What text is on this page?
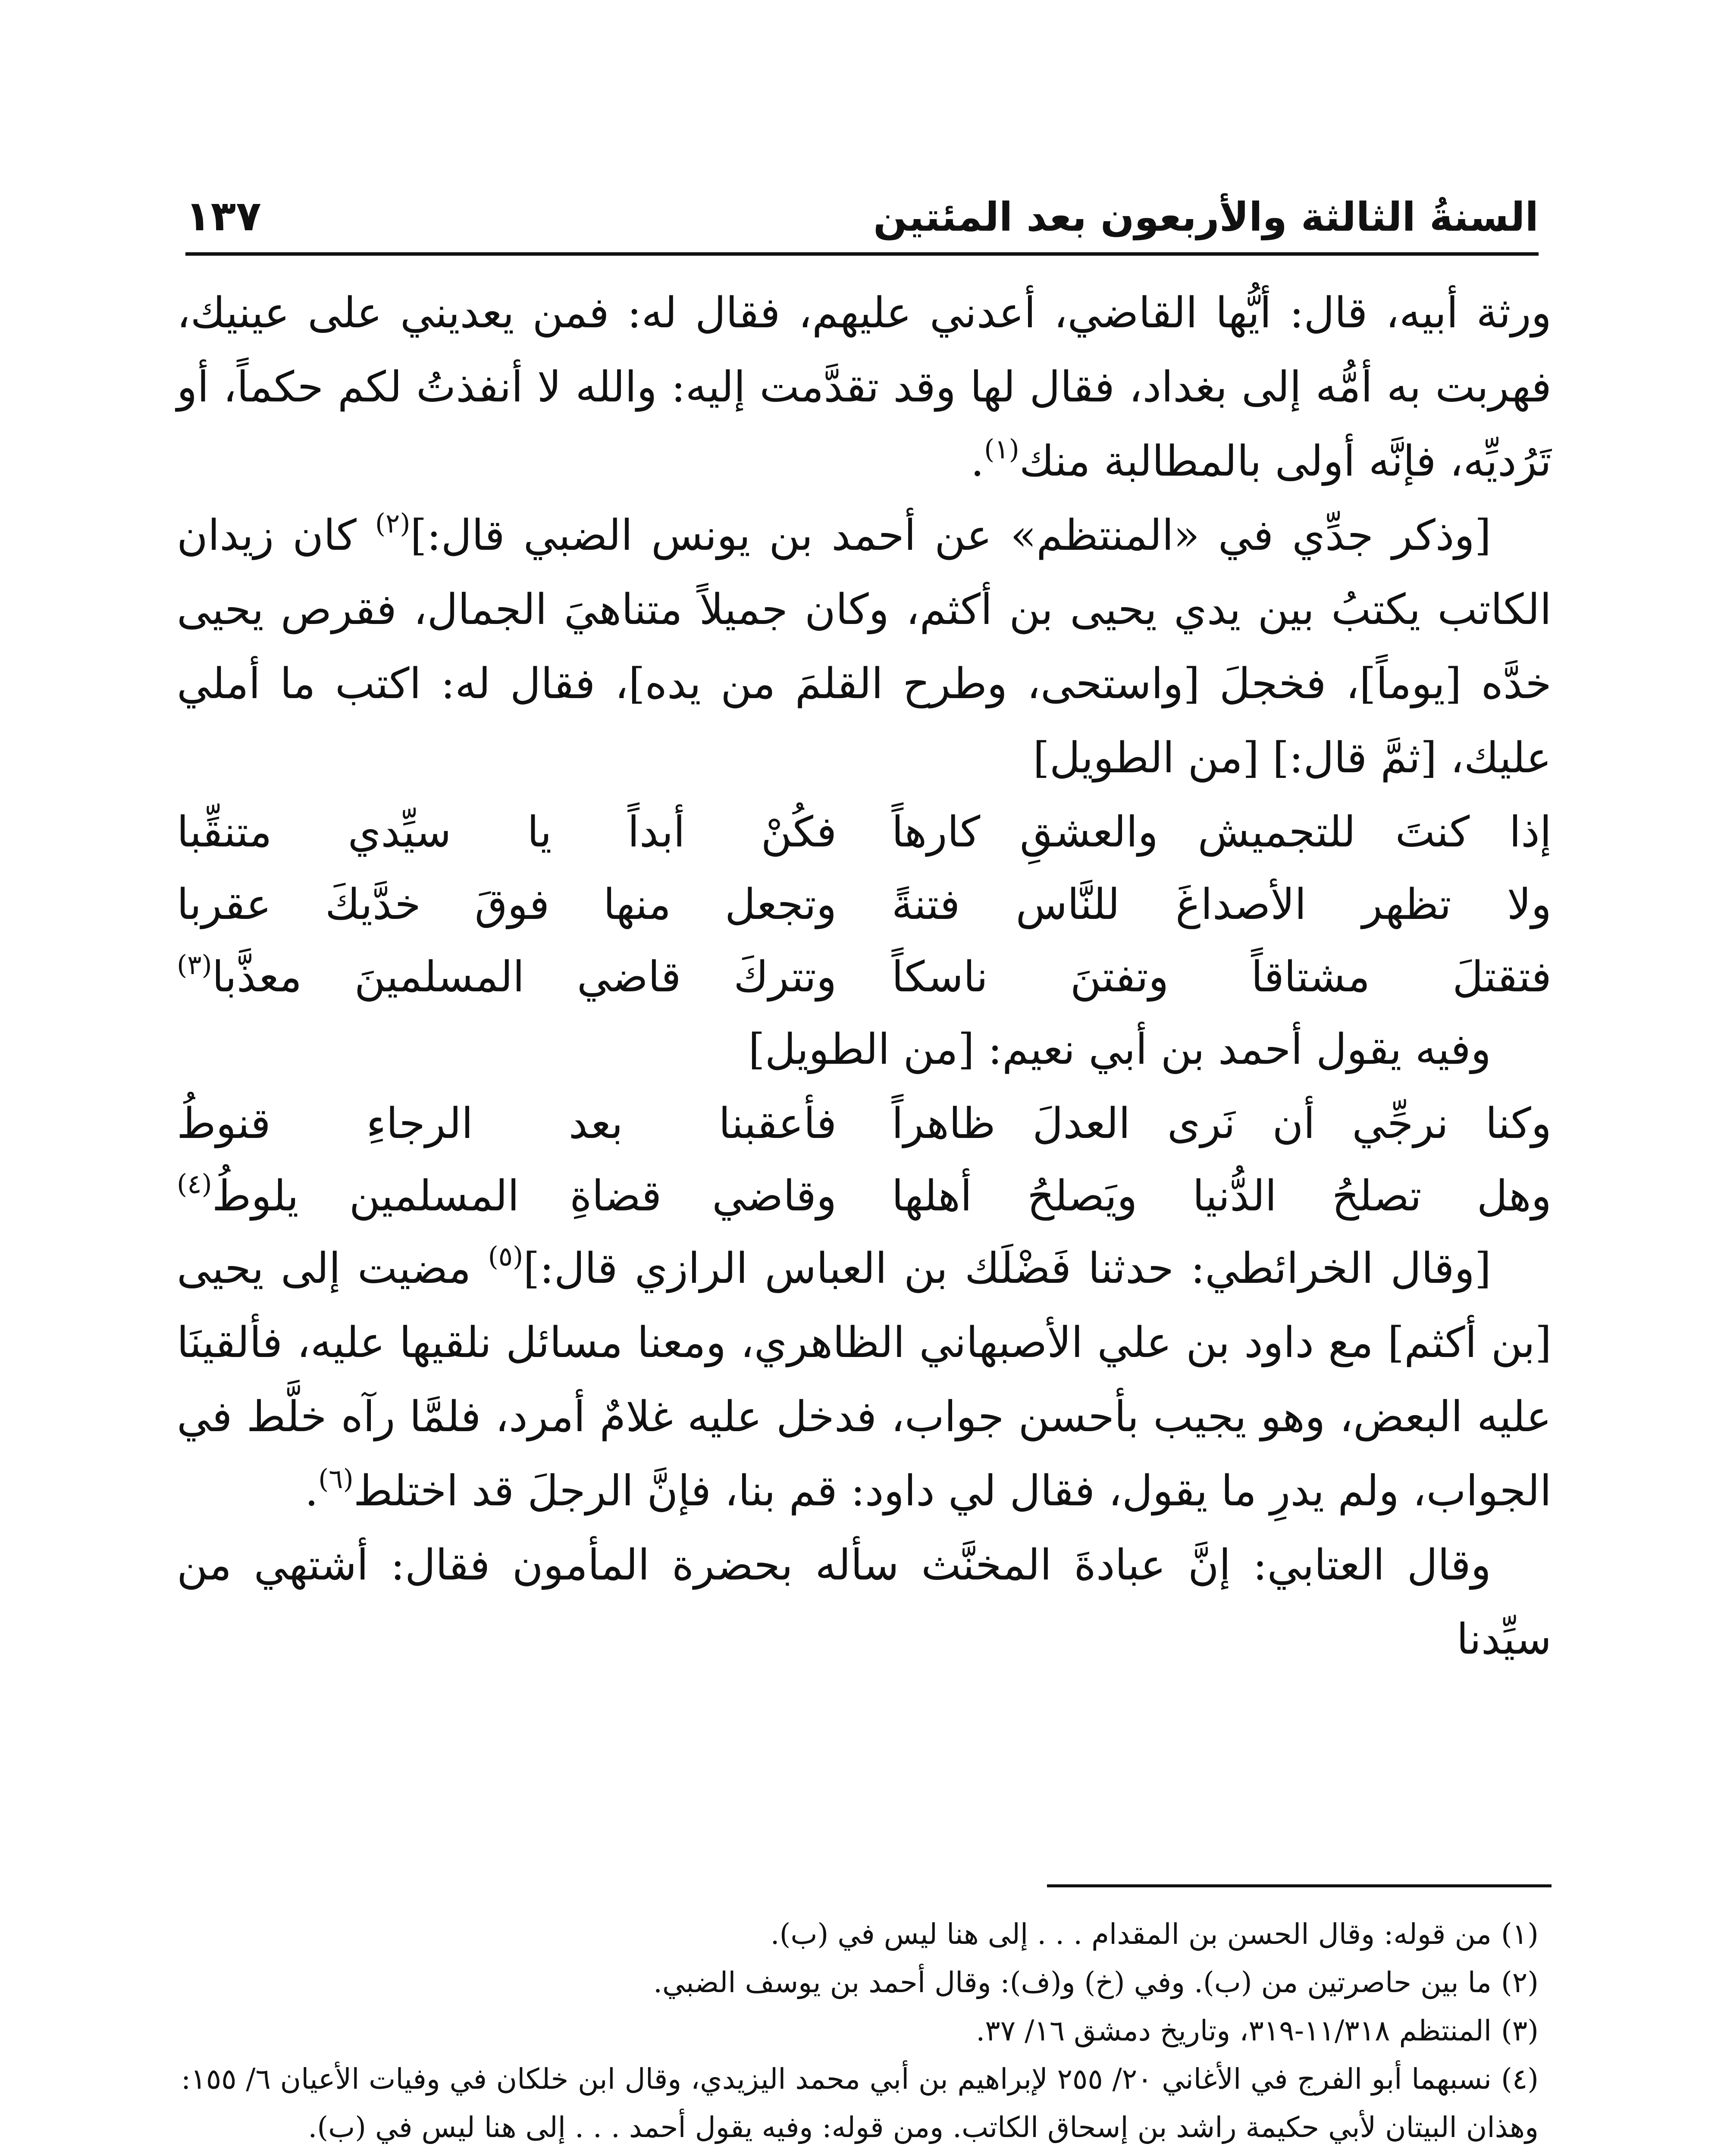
السنةُ الثالثة والأربعون بعد المئتين
١٣٧

ورثة أبيه، قال: أيُّها القاضي، أعدني عليهم، فقال له: فمن يعديني على عينيك، فهربت به أمُّه إلى بغداد، فقال لها وقد تقدَّمت إليه: والله لا أنفذتُ لكم حكماً، أو تَرُديِّه، فإنَّه أولى بالمطالبة منك$^{(١)}$.

[وذكر جدِّي في «المنتظم» عن أحمد بن يونس الضبي قال:]$^{(٢)}$ كان زيدان الكاتب يكتبُ بين يدي يحيى بن أكثم، وكان جميلاً متناهيَ الجمال، فقرص يحيى خدَّه [يوماً]، فخجلَ [واستحى، وطرح القلمَ من يده]، فقال له: اكتب ما أملي عليك، [ثمَّ قال:] [من الطويل]

إذا كنتَ للتجميش والعشقِ كارهاً
فكُنْ أبداً يا سيِّدي متنقِّبا
ولا تظهر الأصداغَ للنَّاس فتنةً
وتجعل منها فوقَ خدَّيكَ عقربا
فتقتلَ مشتاقاً وتفتنَ ناسكاً
وتتركَ قاضي المسلمينَ معذَّبا$^{(٣)}$

وفيه يقول أحمد بن أبي نعيم: [من الطويل]

وكنا نرجِّي أن نَرى العدلَ ظاهراً
فأعقبنا بعد الرجاءِ قنوطُ
وهل تصلحُ الدُّنيا ويَصلحُ أهلها
وقاضي قضاةِ المسلمين يلوطُ$^{(٤)}$

[وقال الخرائطي: حدثنا فَضْلَك بن العباس الرازي قال:]$^{(٥)}$ مضيت إلى يحيى [بن أكثم] مع داود بن علي الأصبهاني الظاهري، ومعنا مسائل نلقيها عليه، فألقينَا عليه البعض، وهو يجيب بأحسن جواب، فدخل عليه غلامٌ أمرد، فلمَّا رآه خلَّط في الجواب، ولم يدرِ ما يقول، فقال لي داود: قم بنا، فإنَّ الرجلَ قد اختلط$^{(٦)}$.

وقال العتابي: إنَّ عبادةَ المخنَّث سأله بحضرة المأمون فقال: أشتهي من سيِّدنا

(١)من قوله: وقال الحسن بن المقدام . . . إلى هنا ليس في (ب).

(٢)ما بين حاصرتين من (ب). وفي (خ) و(ف): وقال أحمد بن يوسف الضبي.

(٣)المنتظم ١١/٣١٨-٣١٩، وتاريخ دمشق ١٦/ ٣٧.

(٤)نسبهما أبو الفرج في الأغاني ٢٠/ ٢٥٥ لإبراهيم بن أبي محمد اليزيدي، وقال ابن خلكان في وفيات الأعيان ٦/ ١٥٥: وهذان البيتان لأبي حكيمة راشد بن إسحاق الكاتب. ومن قوله: وفيه يقول أحمد . . . إلى هنا ليس في (ب).
